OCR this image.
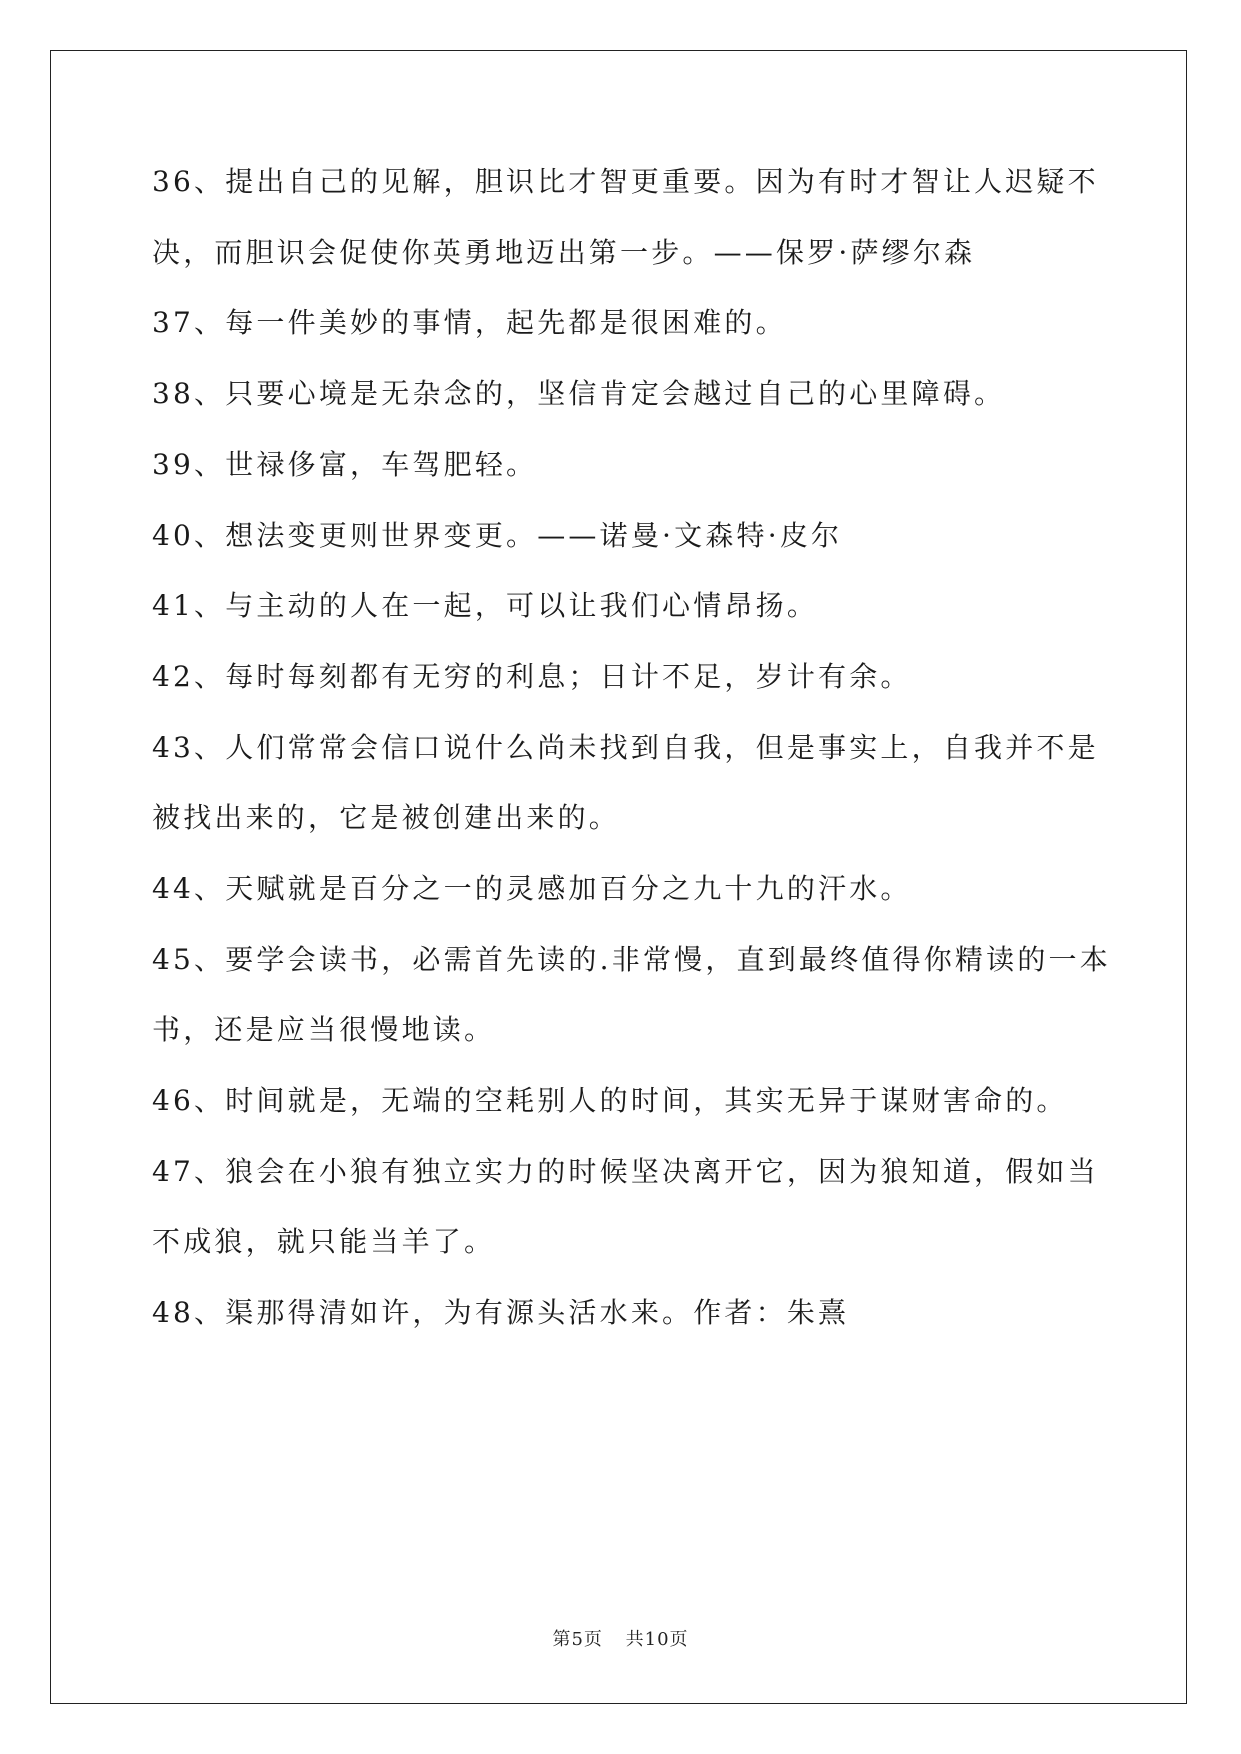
36、提出自己的见解，胆识比才智更重要。因为有时才智让人迟疑不
决，而胆识会促使你英勇地迈出第一步。——保罗·萨缪尔森
37、每一件美妙的事情，起先都是很困难的。
38、只要心境是无杂念的，坚信肯定会越过自己的心里障碍。
39、世禄侈富，车驾肥轻。
40、想法变更则世界变更。——诺曼·文森特·皮尔
41、与主动的人在一起，可以让我们心情昂扬。
42、每时每刻都有无穷的利息；日计不足，岁计有余。
43、人们常常会信口说什么尚未找到自我，但是事实上，自我并不是
被找出来的，它是被创建出来的。
44、天赋就是百分之一的灵感加百分之九十九的汗水。
45、要学会读书，必需首先读的.非常慢，直到最终值得你精读的一本
书，还是应当很慢地读。
46、时间就是，无端的空耗别人的时间，其实无异于谋财害命的。
47、狼会在小狼有独立实力的时候坚决离开它，因为狼知道，假如当
不成狼，就只能当羊了。
48、渠那得清如许，为有源头活水来。作者：朱熹
第5页 共10页
